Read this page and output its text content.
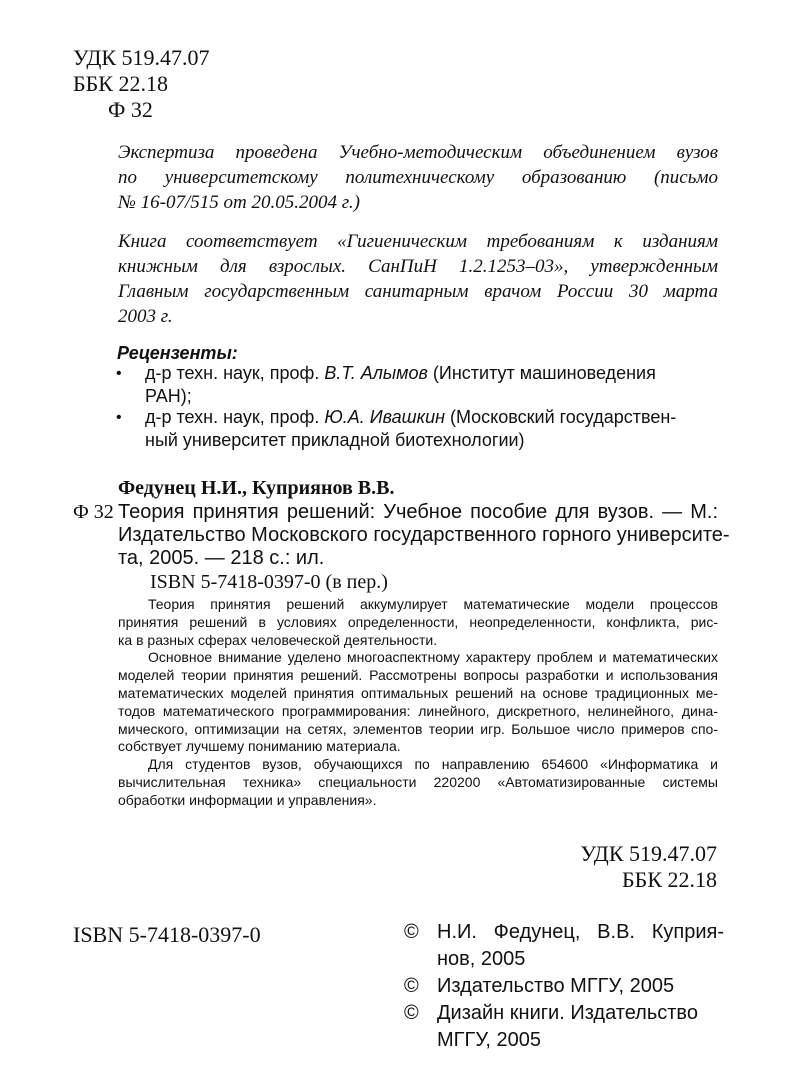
УДК 519.47.07
ББК 22.18
Ф 32
Экспертиза проведена Учебно-методическим объединением вузов
по университетскому политехническому образованию (письмо
№ 16-07/515 от 20.05.2004 г.)
Книга соответствует «Гигиеническим требованиям к изданиям
книжным для взрослых. СанПиН 1.2.1253–03», утвержденным
Главным государственным санитарным врачом России 30 марта
2003 г.
Рецензенты:
• д-р техн. наук, проф. В.Т. Алымов (Институт машиноведения
РАН);
• д-р техн. наук, проф. Ю.А. Ивашкин (Московский государствен-
ный университет прикладной биотехнологии)
Федунец Н.И., Куприянов В.В.
Ф 32 Теория принятия решений: Учебное пособие для вузов. — М.:
Издательство Московского государственного горного университе-
та, 2005. — 218 с.: ил.
ISBN 5-7418-0397-0 (в пер.)
Теория принятия решений аккумулирует математические модели процессов
принятия решений в условиях определенности, неопределенности, конфликта, рис-
ка в разных сферах человеческой деятельности.
Основное внимание уделено многоаспектному характеру проблем и математических
моделей теории принятия решений. Рассмотрены вопросы разработки и использования
математических моделей принятия оптимальных решений на основе традиционных ме-
тодов математического программирования: линейного, дискретного, нелинейного, дина-
мического, оптимизации на сетях, элементов теории игр. Большое число примеров спо-
собствует лучшему пониманию материала.
Для студентов вузов, обучающихся по направлению 654600 «Информатика и
вычислительная техника» специальности 220200 «Автоматизированные системы
обработки информации и управления».
УДК 519.47.07
ББК 22.18
ISBN 5-7418-0397-0	© Н.И. Федунец, В.В. Куприя-
нов, 2005
© Издательство МГГУ, 2005
© Дизайн книги. Издательство
МГГУ, 2005
